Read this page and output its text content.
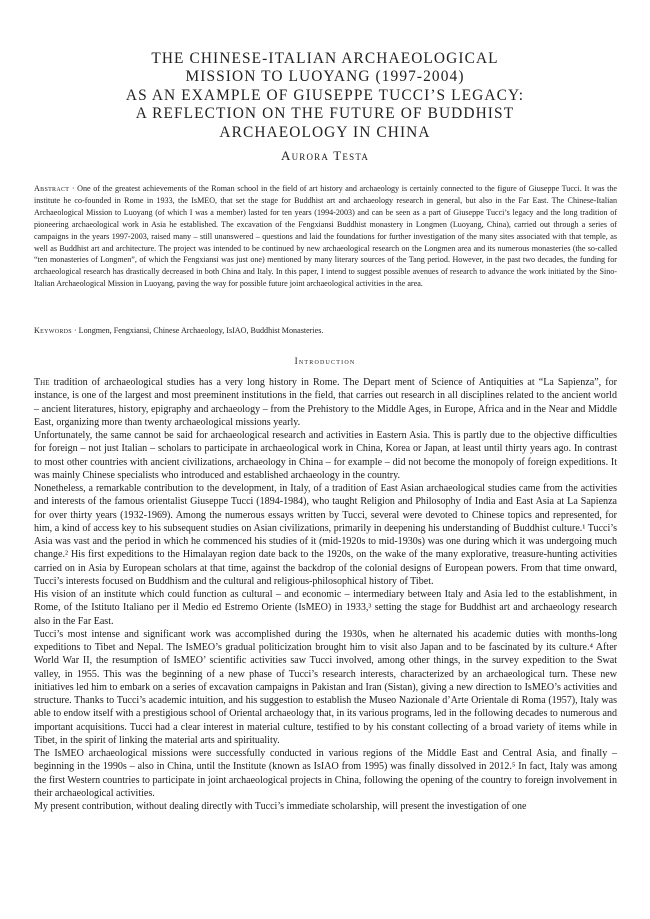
THE CHINESE-ITALIAN ARCHAEOLOGICAL
MISSION TO LUOYANG (1997-2004)
AS AN EXAMPLE OF GIUSEPPE TUCCI’S LEGACY:
A REFLECTION ON THE FUTURE OF BUDDHIST
ARCHAEOLOGY IN CHINA
Aurora Testa
Abstract · One of the greatest achievements of the Roman school in the field of art history and archaeology is certainly connected to the figure of Giuseppe Tucci. It was the institute he co-founded in Rome in 1933, the IsMEO, that set the stage for Buddhist art and archaeology research in general, but also in the Far East. The Chinese-Italian Archaeological Mission to Luoyang (of which I was a member) lasted for ten years (1994-2003) and can be seen as a part of Giuseppe Tucci’s legacy and the long tradition of pioneering archaeological work in Asia he established. The excavation of the Fengxiansi Buddhist monastery in Longmen (Luoyang, China), carried out through a series of campaigns in the years 1997-2003, raised many – still unanswered – questions and laid the foundations for further investigation of the many sites associated with that temple, as well as Buddhist art and architecture. The project was intended to be continued by new archaeological research on the Longmen area and its numerous monasteries (the so-called “ten monasteries of Longmen”, of which the Fengxiansi was just one) mentioned by many literary sources of the Tang period. However, in the past two decades, the funding for archaeological research has drastically decreased in both China and Italy. In this paper, I intend to suggest possible avenues of research to advance the work initiated by the Sino-Italian Archaeological Mission in Luoyang, paving the way for possible future joint archaeological activities in the area.
Keywords · Longmen, Fengxiansi, Chinese Archaeology, IsIAO, Buddhist Monasteries.
Introduction

The tradition of archaeological studies has a very long history in Rome. The Depart ment of Science of Antiquities at “La Sapienza”, for instance, is one of the largest and most preeminent institutions in the field, that carries out research in all disciplines related to the ancient world – ancient literatures, history, epigraphy and archaeology – from the Prehistory to the Middle Ages, in Europe, Africa and in the Near and Middle East, organizing more than twenty archaeological missions yearly.

Unfortunately, the same cannot be said for archaeological research and activities in Eastern Asia. This is partly due to the objective difficulties for foreign – not just Italian – scholars to participate in archaeological work in China, Korea or Japan, at least until thirty years ago. In contrast to most other countries with ancient civilizations, archaeology in China – for example – did not become the monopoly of foreign expeditions. It was mainly Chinese specialists who introduced and established archaeology in the country.

Nonetheless, a remarkable contribution to the development, in Italy, of a tradition of East Asian archaeological studies came from the activities and interests of the famous orientalist Giuseppe Tucci (1894-1984), who taught Religion and Philosophy of India and East Asia at La Sapienza for over thirty years (1932-1969). Among the numerous essays written by Tucci, several were devoted to Chinese topics and represented, for him, a kind of access key to his subsequent studies on Asian civilizations, primarily in deepening his understanding of Buddhist culture.¹ Tucci’s Asia was vast and the period in which he commenced his studies of it (mid-1920s to mid-1930s) was one during which it was undergoing much change.² His first expeditions to the Himalayan region date back to the 1920s, on the wake of the many explorative, treasure-hunting activities carried on in Asia by European scholars at that time, against the backdrop of the colonial designs of European powers. From that time onward, Tucci’s interests focused on Buddhism and the cultural and religious-philosophical history of Tibet.

His vision of an institute which could function as cultural – and economic – intermediary between Italy and Asia led to the establishment, in Rome, of the Istituto Italiano per il Medio ed Estremo Oriente (IsMEO) in 1933,³ setting the stage for Buddhist art and archaeology research also in the Far East.

Tucci’s most intense and significant work was accomplished during the 1930s, when he alternated his academic duties with months-long expeditions to Tibet and Nepal. The IsMEO’s gradual politicization brought him to visit also Japan and to be fascinated by its culture.⁴ After World War II, the resumption of IsMEO’ scientific activities saw Tucci involved, among other things, in the survey expedition to the Swat valley, in 1955. This was the beginning of a new phase of Tucci’s research interests, characterized by an archaeological turn. These new initiatives led him to embark on a series of excavation campaigns in Pakistan and Iran (Sistan), giving a new direction to IsMEO’s activities and structure. Thanks to Tucci’s academic intuition, and his suggestion to establish the Museo Nazionale d’Arte Orientale di Roma (1957), Italy was able to endow itself with a prestigious school of Oriental archaeology that, in its various programs, led in the following decades to numerous and important acquisitions. Tucci had a clear interest in material culture, testified to by his constant collecting of a broad variety of items while in Tibet, in the spirit of linking the material arts and spirituality.

The IsMEO archaeological missions were successfully conducted in various regions of the Middle East and Central Asia, and finally – beginning in the 1990s – also in China, until the Institute (known as IsIAO from 1995) was finally dissolved in 2012.⁵ In fact, Italy was among the first Western countries to participate in joint archaeological projects in China, following the opening of the country to foreign involvement in their archaeological activities.

My present contribution, without dealing directly with Tucci’s immediate scholarship, will present the investigation of one
